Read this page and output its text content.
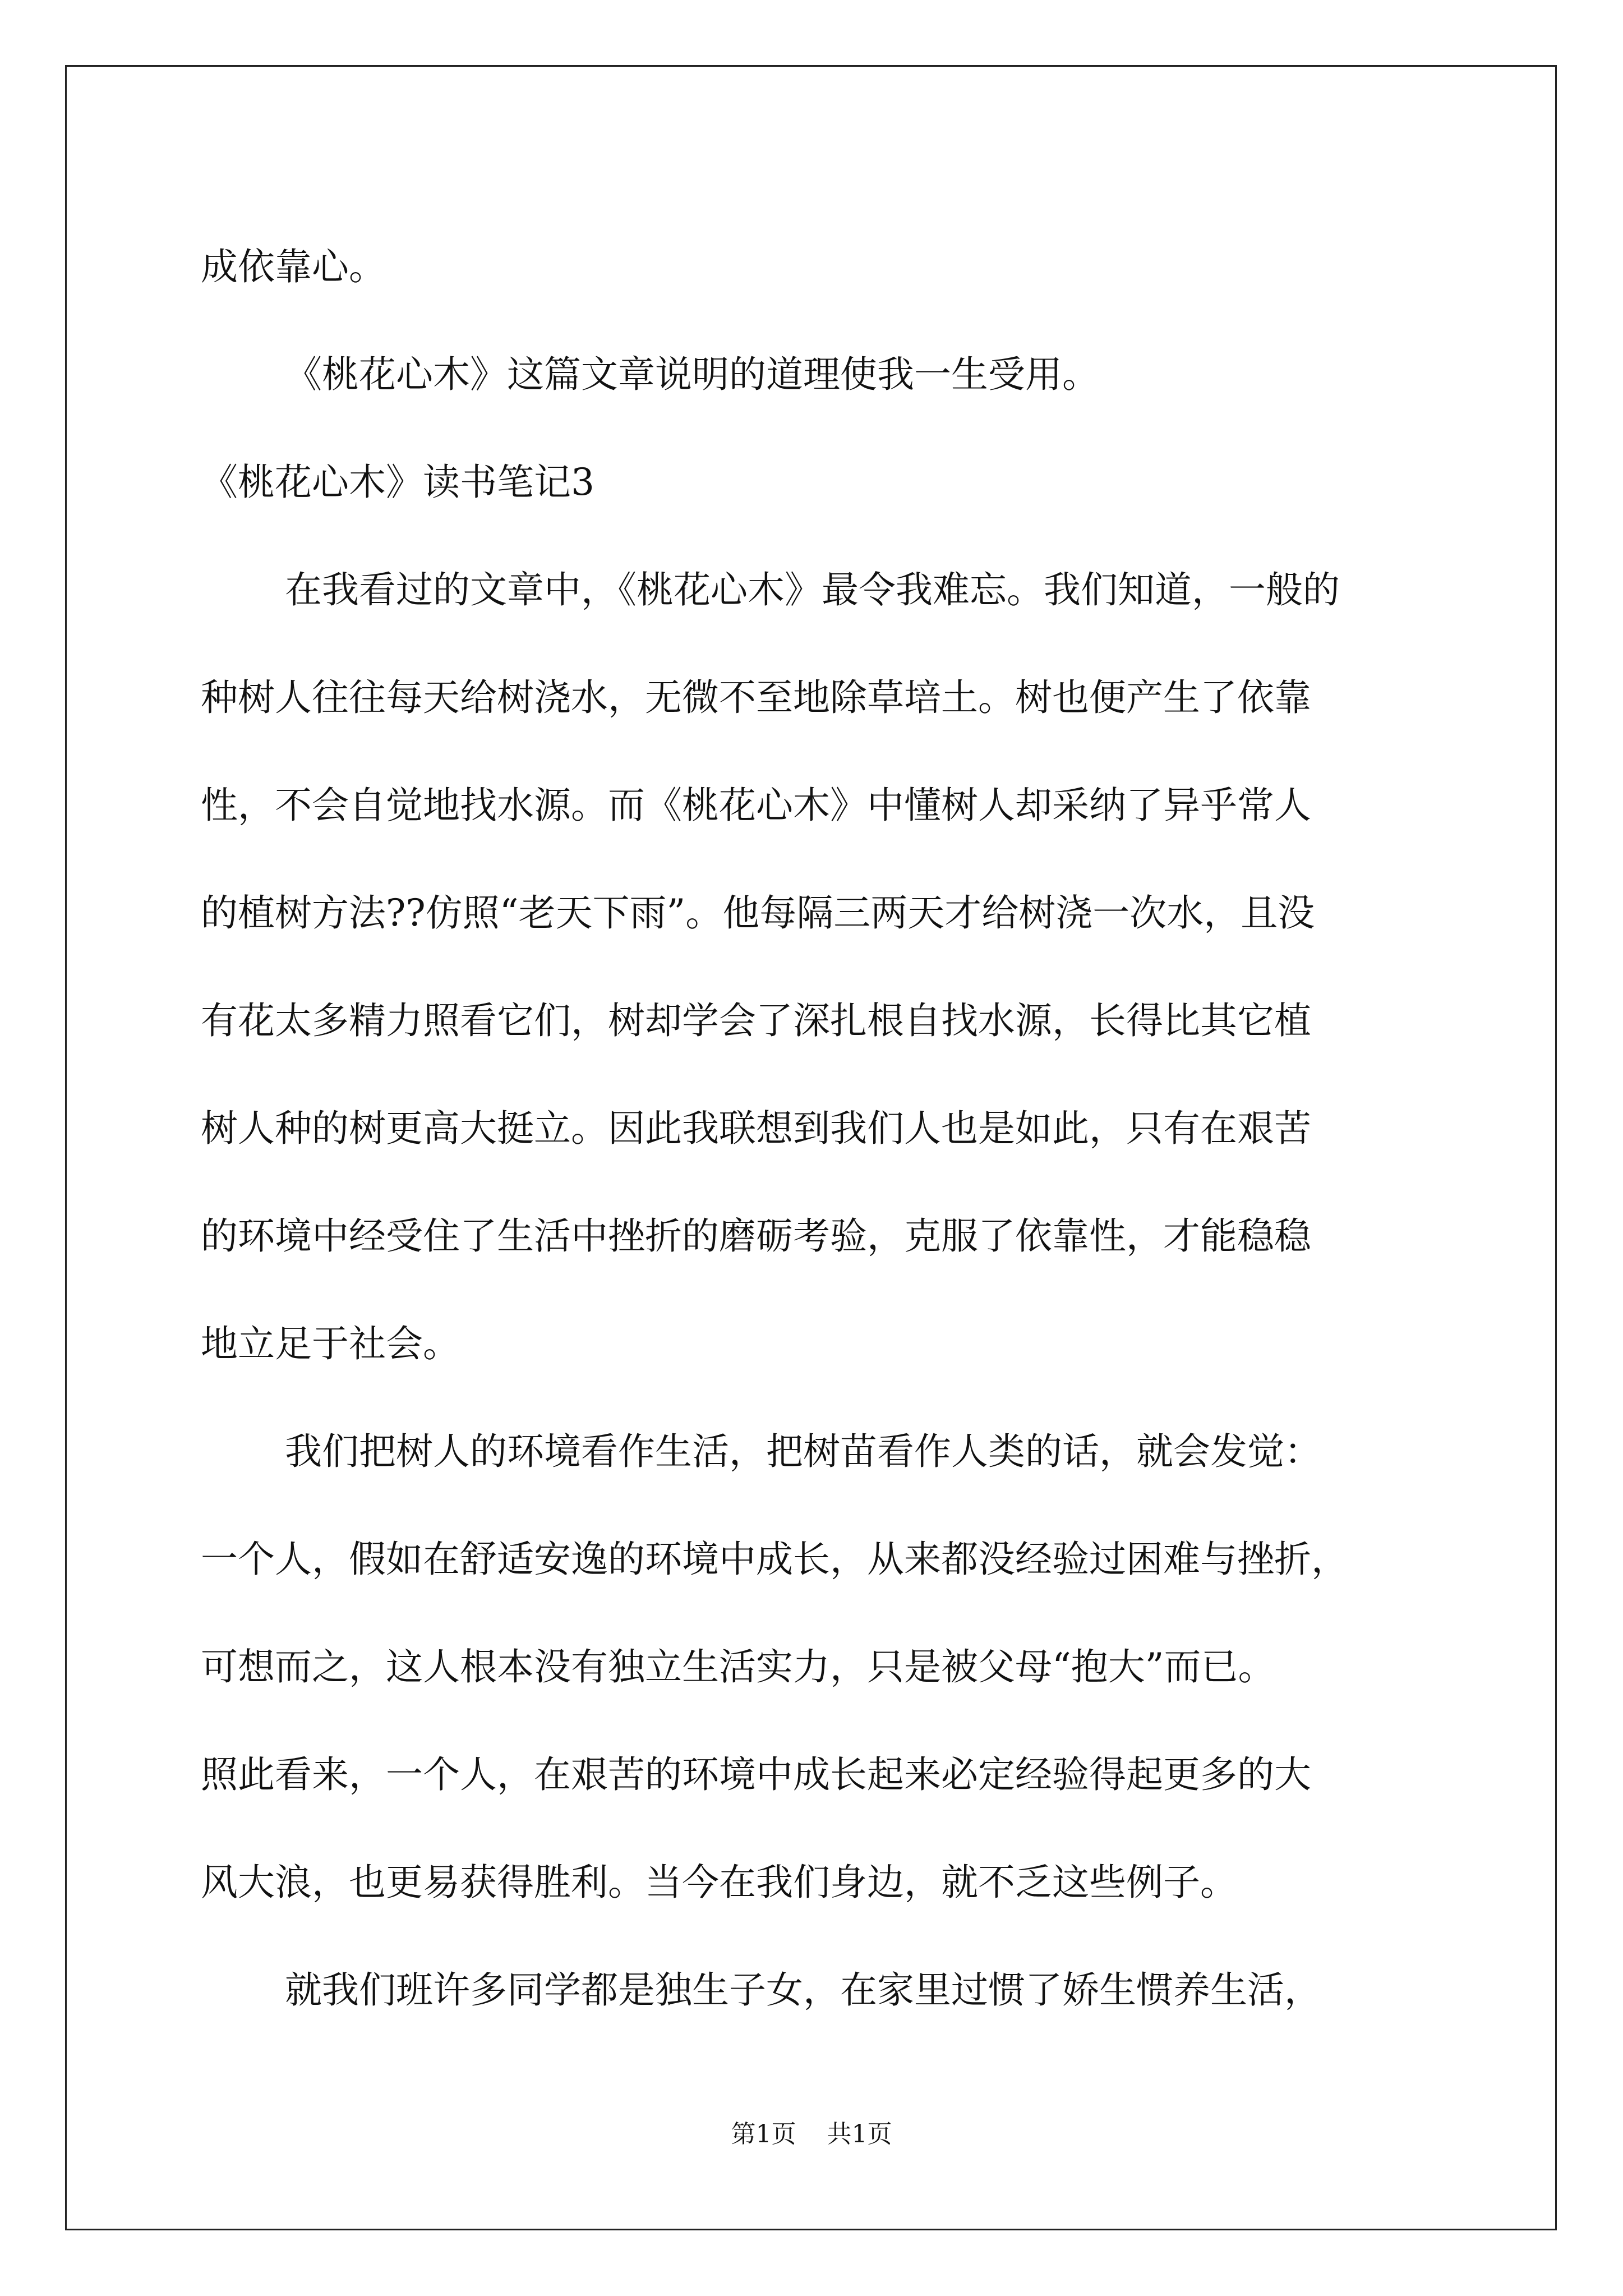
成依靠心。
《桃花心木》这篇文章说明的道理使我一生受用。
《桃花心木》读书笔记3
在我看过的文章中，《桃花心木》最令我难忘。我们知道，一般的
种树人往往每天给树浇水，无微不至地除草培土。树也便产生了依靠
性，不会自觉地找水源。而《桃花心木》中懂树人却采纳了异乎常人
的植树方法??仿照“老天下雨”。他每隔三两天才给树浇一次水，且没
有花太多精力照看它们，树却学会了深扎根自找水源，长得比其它植
树人种的树更高大挺立。因此我联想到我们人也是如此，只有在艰苦
的环境中经受住了生活中挫折的磨砺考验，克服了依靠性，才能稳稳
地立足于社会。
我们把树人的环境看作生活，把树苗看作人类的话，就会发觉：
一个人，假如在舒适安逸的环境中成长，从来都没经验过困难与挫折，
可想而之，这人根本没有独立生活实力，只是被父母“抱大”而已。
照此看来，一个人，在艰苦的环境中成长起来必定经验得起更多的大
风大浪，也更易获得胜利。当今在我们身边，就不乏这些例子。
就我们班许多同学都是独生子女，在家里过惯了娇生惯养生活，
第1页 共1页
